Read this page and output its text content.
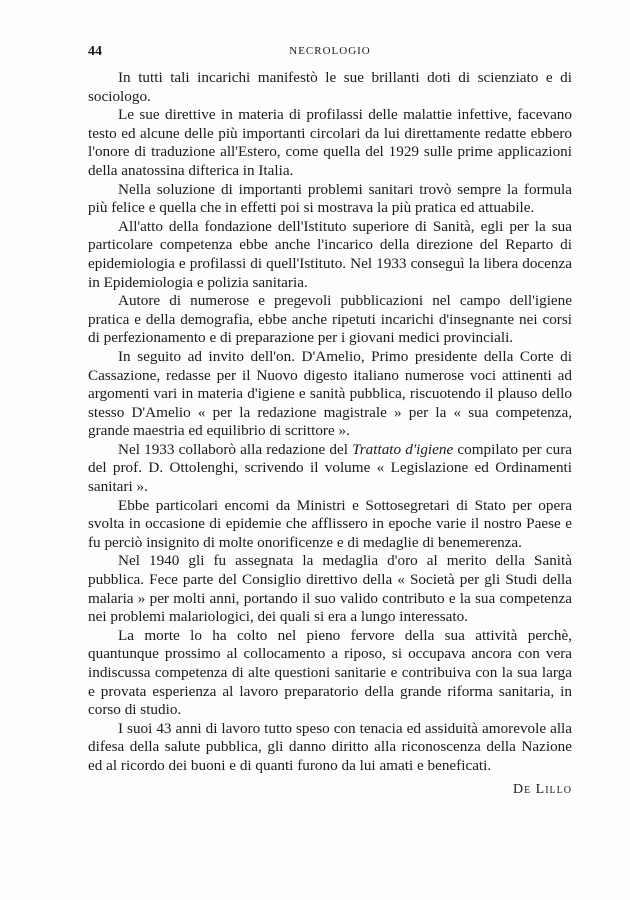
44	NECROLOGIO

In tutti tali incarichi manifestò le sue brillanti doti di scienziato e di sociologo.

Le sue direttive in materia di profilassi delle malattie infettive, facevano testo ed alcune delle più importanti circolari da lui direttamente redatte ebbero l'onore di traduzione all'Estero, come quella del 1929 sulle prime applicazioni della anatossina difterica in Italia.

Nella soluzione di importanti problemi sanitari trovò sempre la formula più felice e quella che in effetti poi si mostrava la più pratica ed attuabile.

All'atto della fondazione dell'Istituto superiore di Sanità, egli per la sua particolare competenza ebbe anche l'incarico della direzione del Reparto di epidemiologia e profilassi di quell'Istituto. Nel 1933 conseguì la libera docenza in Epidemiologia e polizia sanitaria.

Autore di numerose e pregevoli pubblicazioni nel campo dell'igiene pratica e della demografia, ebbe anche ripetuti incarichi d'insegnante nei corsi di perfezionamento e di preparazione per i giovani medici provinciali.

In seguito ad invito dell'on. D'Amelio, Primo presidente della Corte di Cassazione, redasse per il Nuovo digesto italiano numerose voci attinenti ad argomenti vari in materia d'igiene e sanità pubblica, riscuotendo il plauso dello stesso D'Amelio « per la redazione magistrale » per la « sua competenza, grande maestria ed equilibrio di scrittore ».

Nel 1933 collaborò alla redazione del Trattato d'igiene compilato per cura del prof. D. Ottolenghi, scrivendo il volume « Legislazione ed Ordinamenti sanitari ».

Ebbe particolari encomi da Ministri e Sottosegretari di Stato per opera svolta in occasione di epidemie che afflissero in epoche varie il nostro Paese e fu perciò insignito di molte onorificenze e di medaglie di benemerenza.

Nel 1940 gli fu assegnata la medaglia d'oro al merito della Sanità pubblica. Fece parte del Consiglio direttivo della « Società per gli Studi della malaria » per molti anni, portando il suo valido contributo e la sua competenza nei problemi malariologici, dei quali si era a lungo interessato.

La morte lo ha colto nel pieno fervore della sua attività perchè, quantunque prossimo al collocamento a riposo, si occupava ancora con vera indiscussa competenza di alte questioni sanitarie e contribuiva con la sua larga e provata esperienza al lavoro preparatorio della grande riforma sanitaria, in corso di studio.

I suoi 43 anni di lavoro tutto speso con tenacia ed assiduità amorevole alla difesa della salute pubblica, gli danno diritto alla riconoscenza della Nazione ed al ricordo dei buoni e di quanti furono da lui amati e beneficati.

De Lillo
